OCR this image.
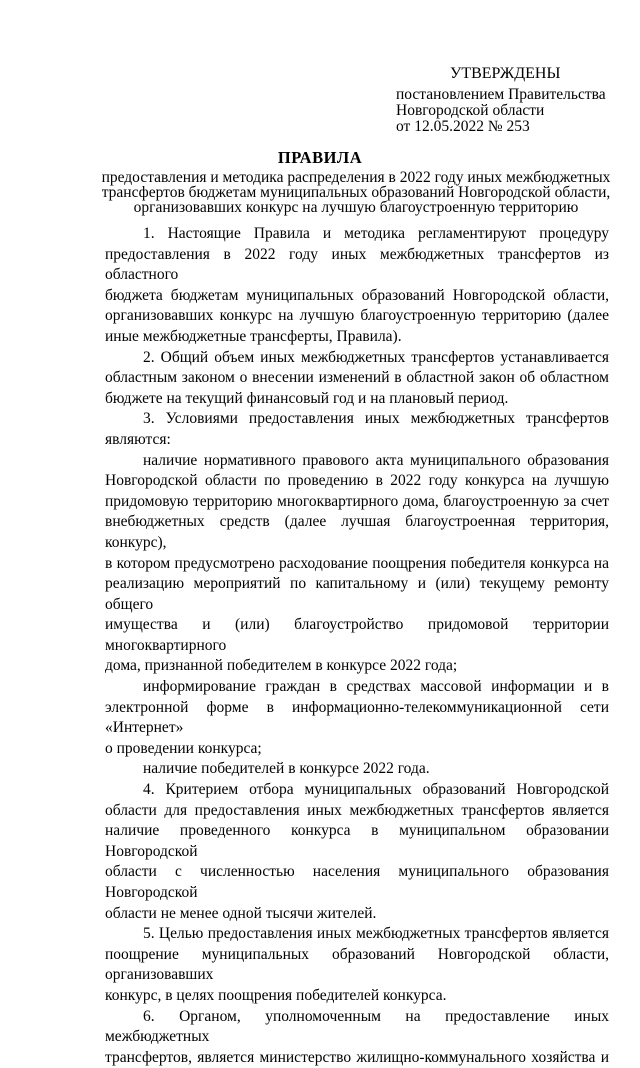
УТВЕРЖДЕНЫ
постановлением Правительства
Новгородской области
от 12.05.2022 № 253
ПРАВИЛА
предоставления и методика распределения в 2022 году иных межбюджетных
трансфертов бюджетам муниципальных образований Новгородской области,
организовавших конкурс на лучшую благоустроенную территорию
1. Настоящие Правила и методика регламентируют процедуру
предоставления в 2022 году иных межбюджетных трансфертов из областного
бюджета бюджетам муниципальных образований Новгородской области,
организовавших конкурс на лучшую благоустроенную территорию (далее
иные межбюджетные трансферты, Правила).
2. Общий объем иных межбюджетных трансфертов устанавливается
областным законом о внесении изменений в областной закон об областном
бюджете на текущий финансовый год и на плановый период.
3. Условиями предоставления иных межбюджетных трансфертов
являются:
наличие нормативного правового акта муниципального образования
Новгородской области по проведению в 2022 году конкурса на лучшую
придомовую территорию многоквартирного дома, благоустроенную за счет
внебюджетных средств (далее лучшая благоустроенная территория, конкурс),
в котором предусмотрено расходование поощрения победителя конкурса на
реализацию мероприятий по капитальному и (или) текущему ремонту общего
имущества и (или) благоустройство придомовой территории многоквартирного
дома, признанной победителем в конкурсе 2022 года;
информирование граждан в средствах массовой информации и в
электронной форме в информационно-телекоммуникационной сети «Интернет»
о проведении конкурса;
наличие победителей в конкурсе 2022 года.
4. Критерием отбора муниципальных образований Новгородской
области для предоставления иных межбюджетных трансфертов является
наличие проведенного конкурса в муниципальном образовании Новгородской
области с численностью населения муниципального образования Новгородской
области не менее одной тысячи жителей.
5. Целью предоставления иных межбюджетных трансфертов является
поощрение муниципальных образований Новгородской области, организовавших
конкурс, в целях поощрения победителей конкурса.
6. Органом, уполномоченным на предоставление иных межбюджетных
трансфертов, является министерство жилищно-коммунального хозяйства и
